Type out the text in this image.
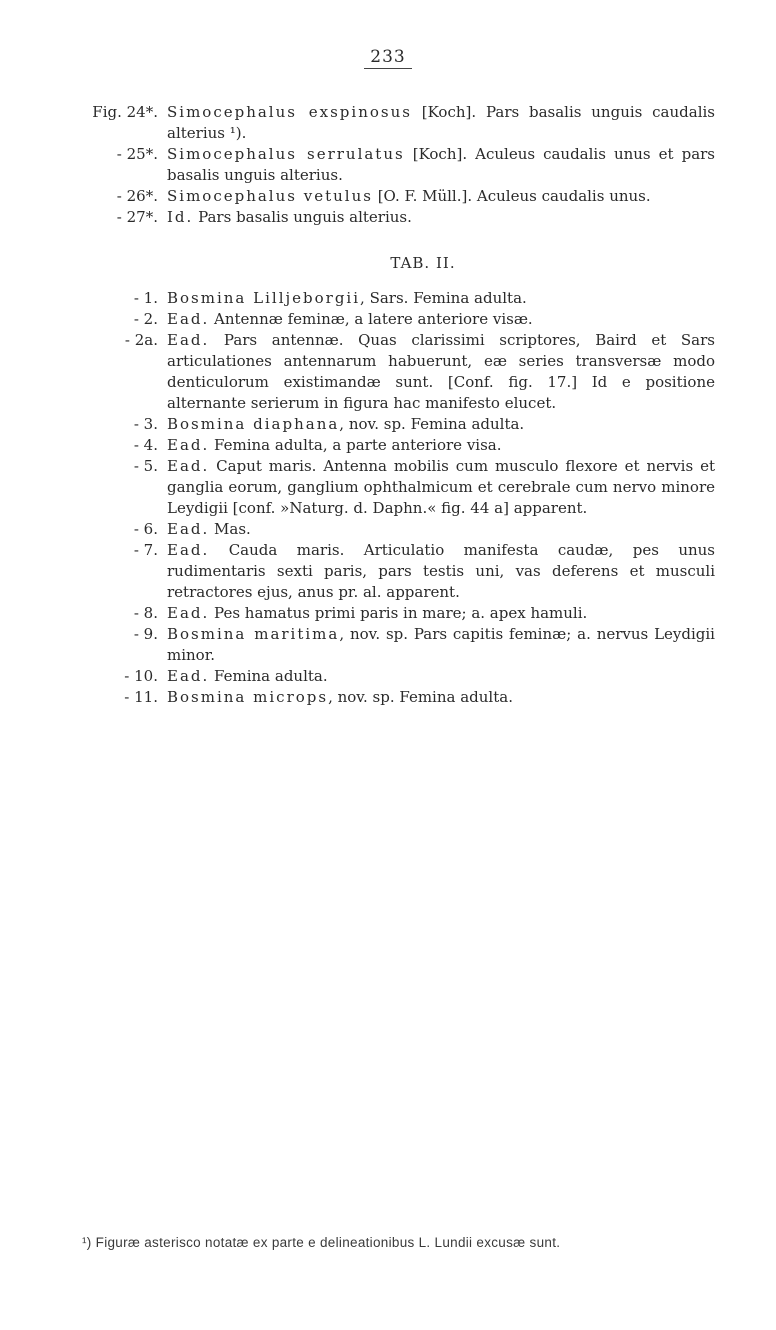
233
Fig. 24*. Simocephalus exspinosus [Koch]. Pars basalis unguis caudalis alterius ¹).
- 25*. Simocephalus serrulatus [Koch]. Aculeus caudalis unus et pars basalis unguis alterius.
- 26*. Simocephalus vetulus [O. F. Müll.]. Aculeus caudalis unus.
- 27*. Id. Pars basalis unguis alterius.
TAB. II.
- 1. Bosmina Lilljeborgii, Sars. Femina adulta.
- 2. Ead. Antennæ feminæ, a latere anteriore visæ.
- 2a. Ead. Pars antennæ. Quas clarissimi scriptores, Baird et Sars articulationes antennarum habuerunt, eæ series transversæ modo denticulorum existimandæ sunt. [Conf. fig. 17.] Id e positione alternante serierum in figura hac manifesto elucet.
- 3. Bosmina diaphana, nov. sp. Femina adulta.
- 4. Ead. Femina adulta, a parte anteriore visa.
- 5. Ead. Caput maris. Antenna mobilis cum musculo flexore et nervis et ganglia eorum, ganglium ophthalmicum et cerebrale cum nervo minore Leydigii [conf. »Naturg. d. Daphn.« fig. 44 a] apparent.
- 6. Ead. Mas.
- 7. Ead. Cauda maris. Articulatio manifesta caudæ, pes unus rudimentaris sexti paris, pars testis uni, vas deferens et musculi retractores ejus, anus pr. al. apparent.
- 8. Ead. Pes hamatus primi paris in mare; a. apex hamuli.
- 9. Bosmina maritima, nov. sp. Pars capitis feminæ; a. nervus Leydigii minor.
- 10. Ead. Femina adulta.
- 11. Bosmina microps, nov. sp. Femina adulta.
¹) Figuræ asterisco notatæ ex parte e delineationibus L. Lundii excusæ sunt.
